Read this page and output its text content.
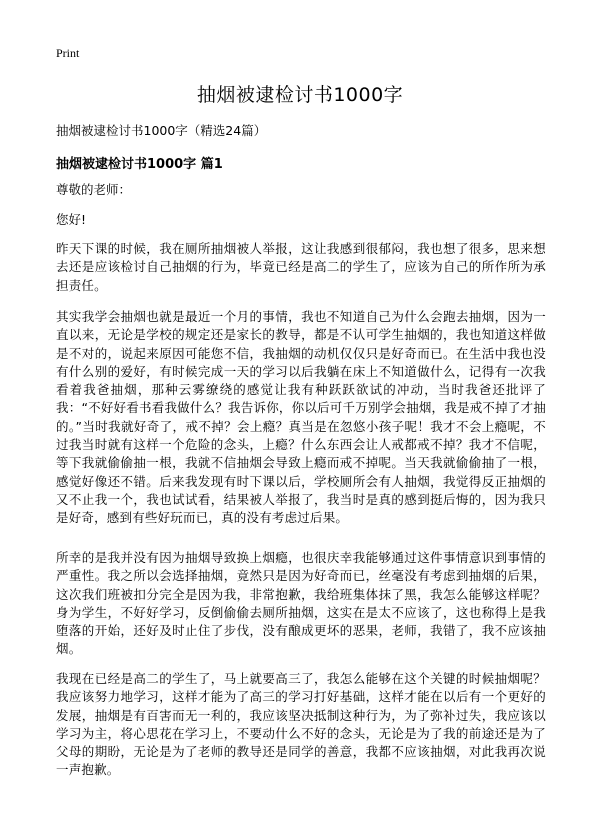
Print
抽烟被逮检讨书1000字
抽烟被逮检讨书1000字（精选24篇）
抽烟被逮检讨书1000字 篇1
尊敬的老师：
您好!

昨天下课的时候，我在厕所抽烟被人举报，这让我感到很郁闷，我也想了很多，思来想去还是应该检讨自己抽烟的行为，毕竟已经是高二的学生了，应该为自己的所作所为承担责任。

其实我学会抽烟也就是最近一个月的事情，我也不知道自己为什么会跑去抽烟，因为一直以来，无论是学校的规定还是家长的教导，都是不认可学生抽烟的，我也知道这样做是不对的，说起来原因可能您不信，我抽烟的动机仅仅只是好奇而已。在生活中我也没有什么别的爱好，有时候完成一天的学习以后我躺在床上不知道做什么，记得有一次我看着我爸抽烟，那种云雾缭绕的感觉让我有种跃跃欲试的冲动，当时我爸还批评了我：“不好好看书看我做什么？我告诉你，你以后可千万别学会抽烟，我是戒不掉了才抽的。”当时我就好奇了，戒不掉？会上瘾？真当是在忽悠小孩子呢！我才不会上瘾呢，不过我当时就有这样一个危险的念头，上瘾？什么东西会让人戒都戒不掉？我才不信呢，等下我就偷偷抽一根，我就不信抽烟会导致上瘾而戒不掉呢。当天我就偷偷抽了一根，感觉好像还不错。后来我发现有时下课以后，学校厕所会有人抽烟，我觉得反正抽烟的又不止我一个，我也试试看，结果被人举报了，我当时是真的感到挺后悔的，因为我只是好奇，感到有些好玩而已，真的没有考虑过后果。

所幸的是我并没有因为抽烟导致换上烟瘾，也很庆幸我能够通过这件事情意识到事情的严重性。我之所以会选择抽烟，竟然只是因为好奇而已，丝毫没有考虑到抽烟的后果，这次我们班被扣分完全是因为我，非常抱歉，我给班集体抹了黑，我怎么能够这样呢？身为学生，不好好学习，反倒偷偷去厕所抽烟，这实在是太不应该了，这也称得上是我堕落的开始，还好及时止住了步伐，没有酿成更坏的恶果，老师，我错了，我不应该抽烟。

我现在已经是高二的学生了，马上就要高三了，我怎么能够在这个关键的时候抽烟呢？我应该努力地学习，这样才能为了高三的学习打好基础，这样才能在以后有一个更好的发展，抽烟是有百害而无一利的，我应该坚决抵制这种行为，为了弥补过失，我应该以学习为主，将心思花在学习上，不要动什么不好的念头，无论是为了我的前途还是为了父母的期盼，无论是为了老师的教导还是同学的善意，我都不应该抽烟，对此我再次说一声抱歉。
